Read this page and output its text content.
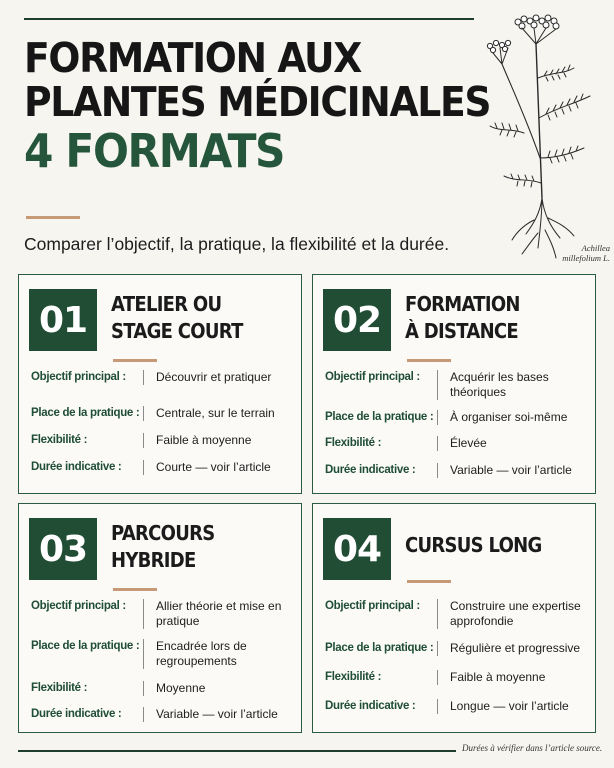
FORMATION AUX
PLANTES MÉDICINALES
4 FORMATS
Comparer l’objectif, la pratique, la flexibilité et la durée.	Achillea
millefolium L.
01	ATELIER OU
STAGE COURT
Objectif principal :	Découvrir et pratiquer
Place de la pratique : Centrale, sur le terrain
Flexibilité :	Faible à moyenne
Durée indicative :	Courte — voir l’article
02	FORMATION
À DISTANCE
Objectif principal :	Acquérir les bases théoriques
Place de la pratique : À organiser soi-même
Flexibilité :	Élevée
Durée indicative :	Variable — voir l’article
03	PARCOURS
HYBRIDE
Objectif principal :	Allier théorie et mise en pratique
Place de la pratique : Encadrée lors de regroupements
Flexibilité :	Moyenne
Durée indicative :	Variable — voir l’article
04	CURSUS LONG
Objectif principal :	Construire une expertise approfondie
Place de la pratique : Régulière et progressive
Flexibilité :	Faible à moyenne
Durée indicative :	Longue — voir l’article
Durées à vérifier dans l’article source.
